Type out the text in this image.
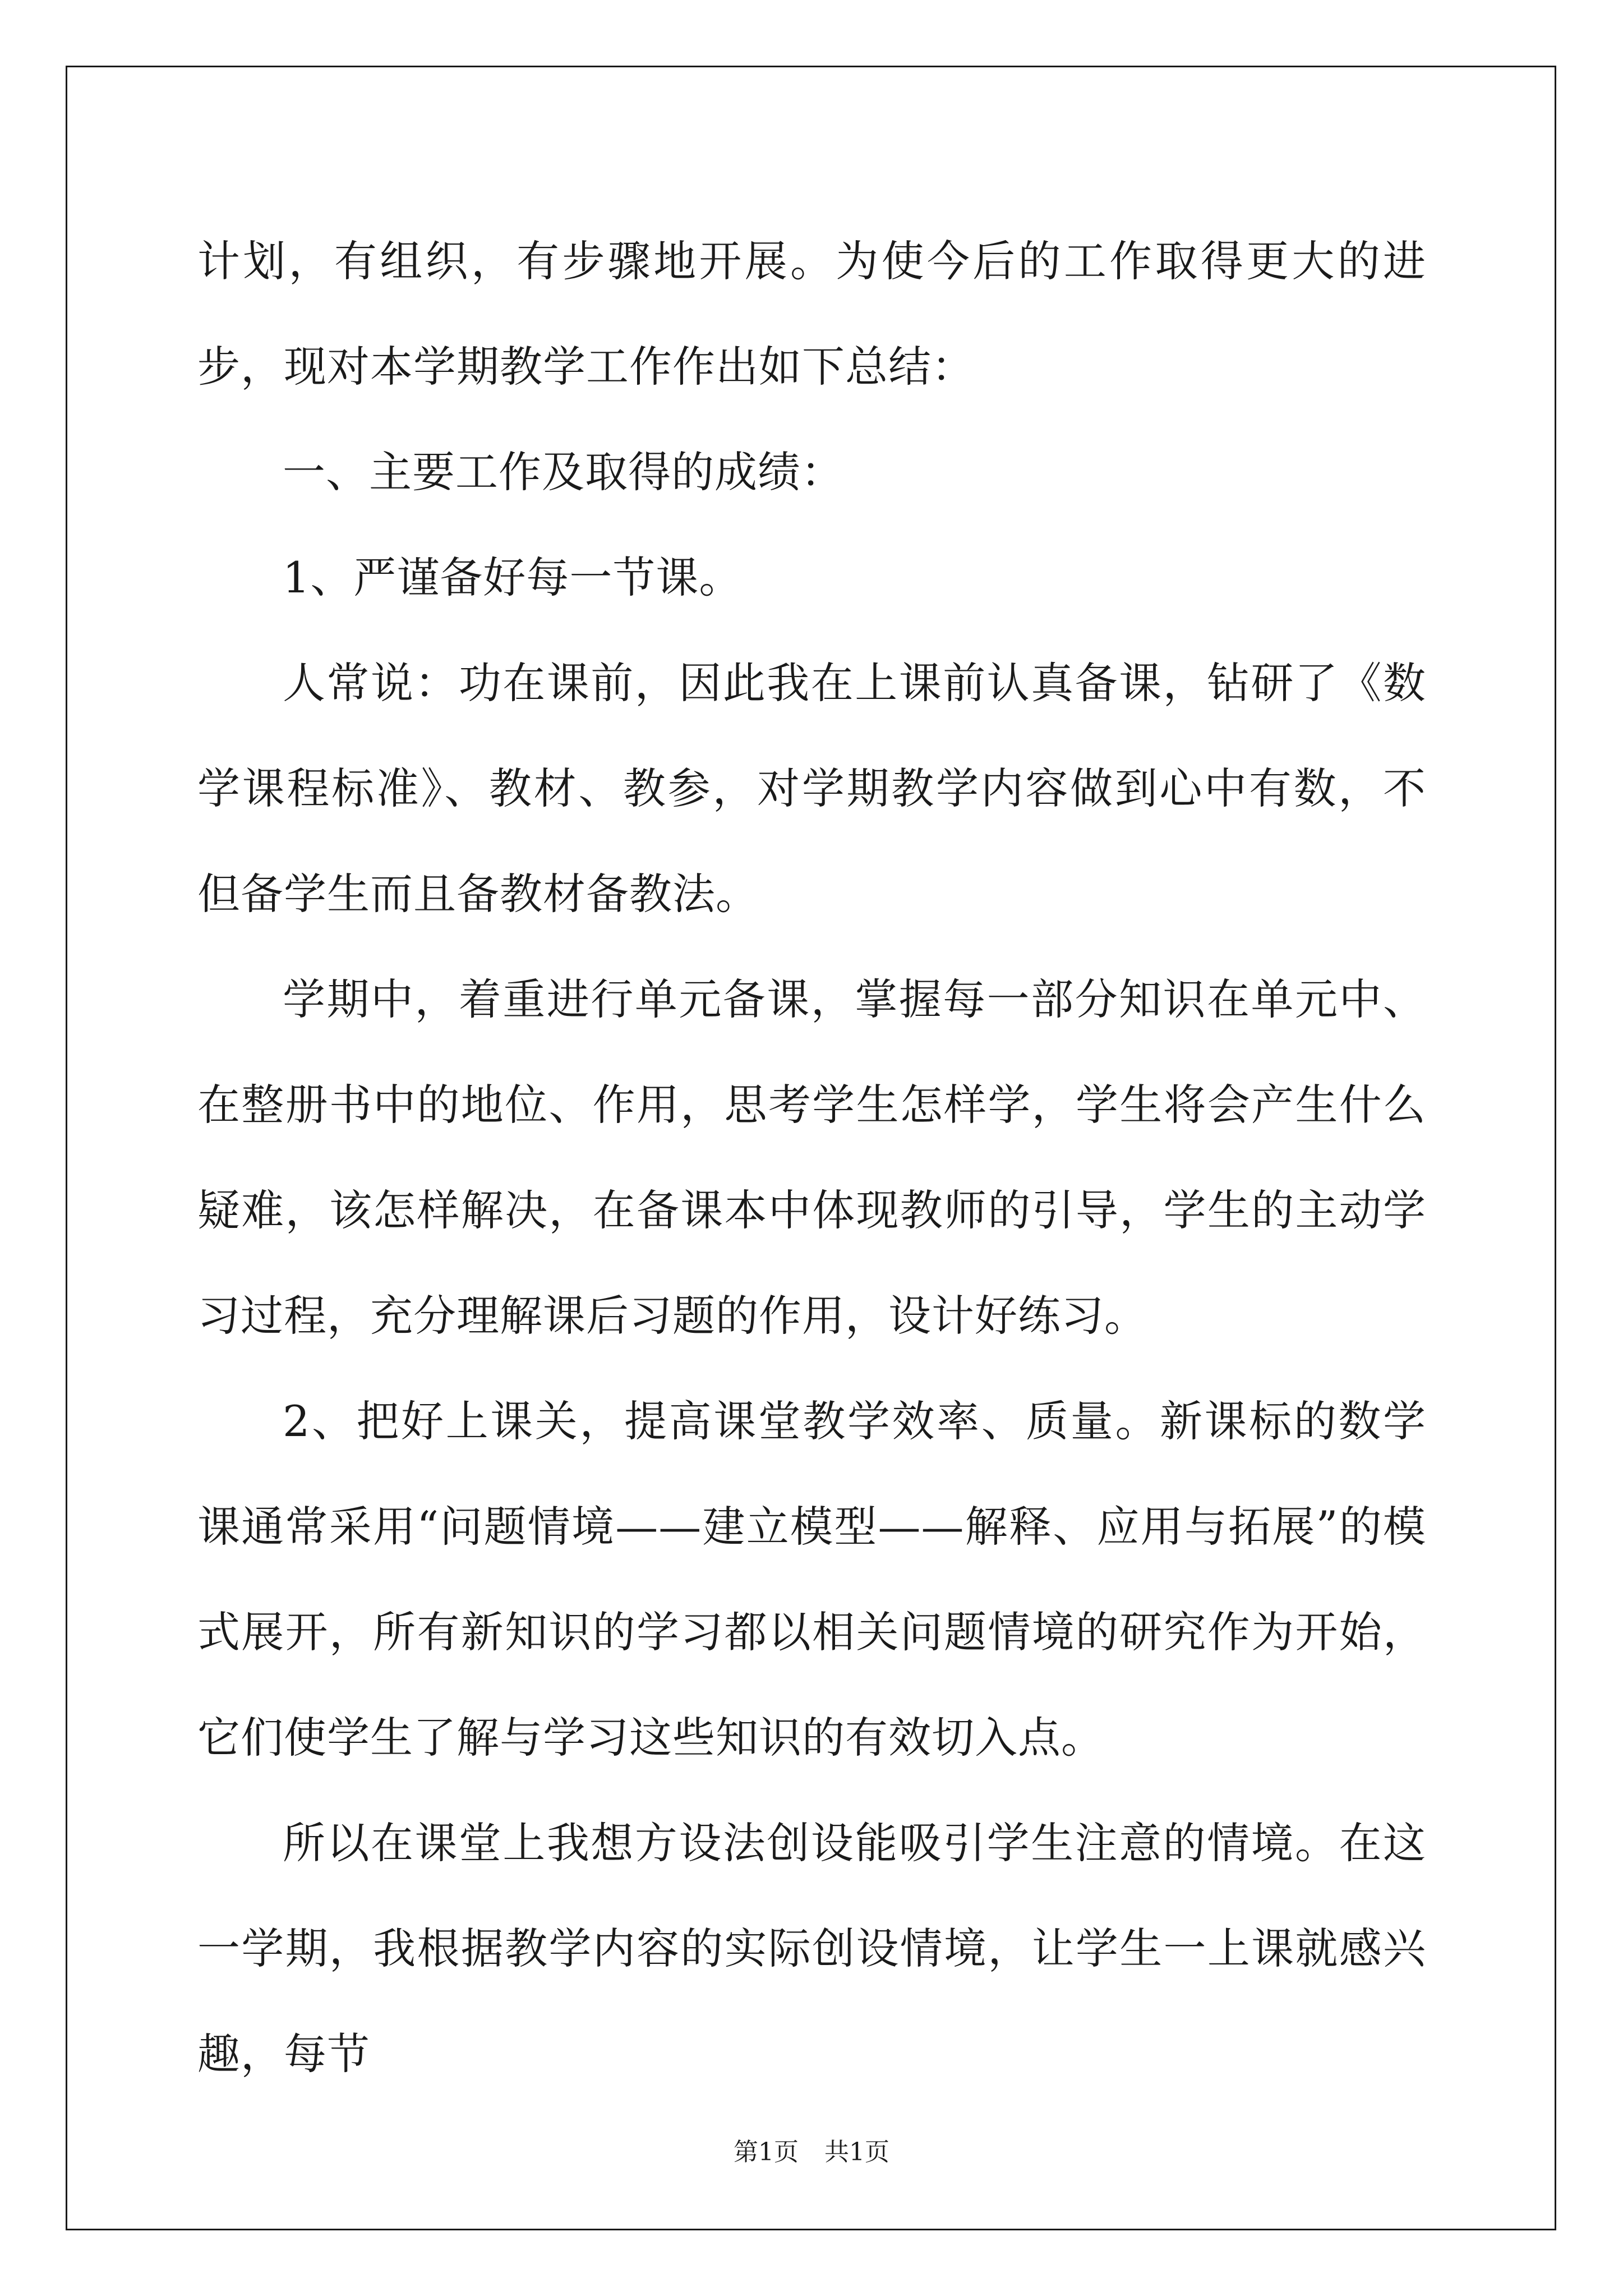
计划，有组织，有步骤地开展。为使今后的工作取得更大的进步，现对本学期教学工作作出如下总结：

一、主要工作及取得的成绩：

1、严谨备好每一节课。

人常说：功在课前，因此我在上课前认真备课，钻研了《数学课程标准》、教材、教参，对学期教学内容做到心中有数，不但备学生而且备教材备教法。

学期中，着重进行单元备课，掌握每一部分知识在单元中、在整册书中的地位、作用，思考学生怎样学，学生将会产生什么疑难，该怎样解决，在备课本中体现教师的引导，学生的主动学习过程，充分理解课后习题的作用，设计好练习。

2、把好上课关，提高课堂教学效率、质量。新课标的数学课通常采用“问题情境——建立模型——解释、应用与拓展”的模式展开，所有新知识的学习都以相关问题情境的研究作为开始，它们使学生了解与学习这些知识的有效切入点。

所以在课堂上我想方设法创设能吸引学生注意的情境。在这一学期，我根据教学内容的实际创设情境，让学生一上课就感兴趣，每节

第1页 共1页
